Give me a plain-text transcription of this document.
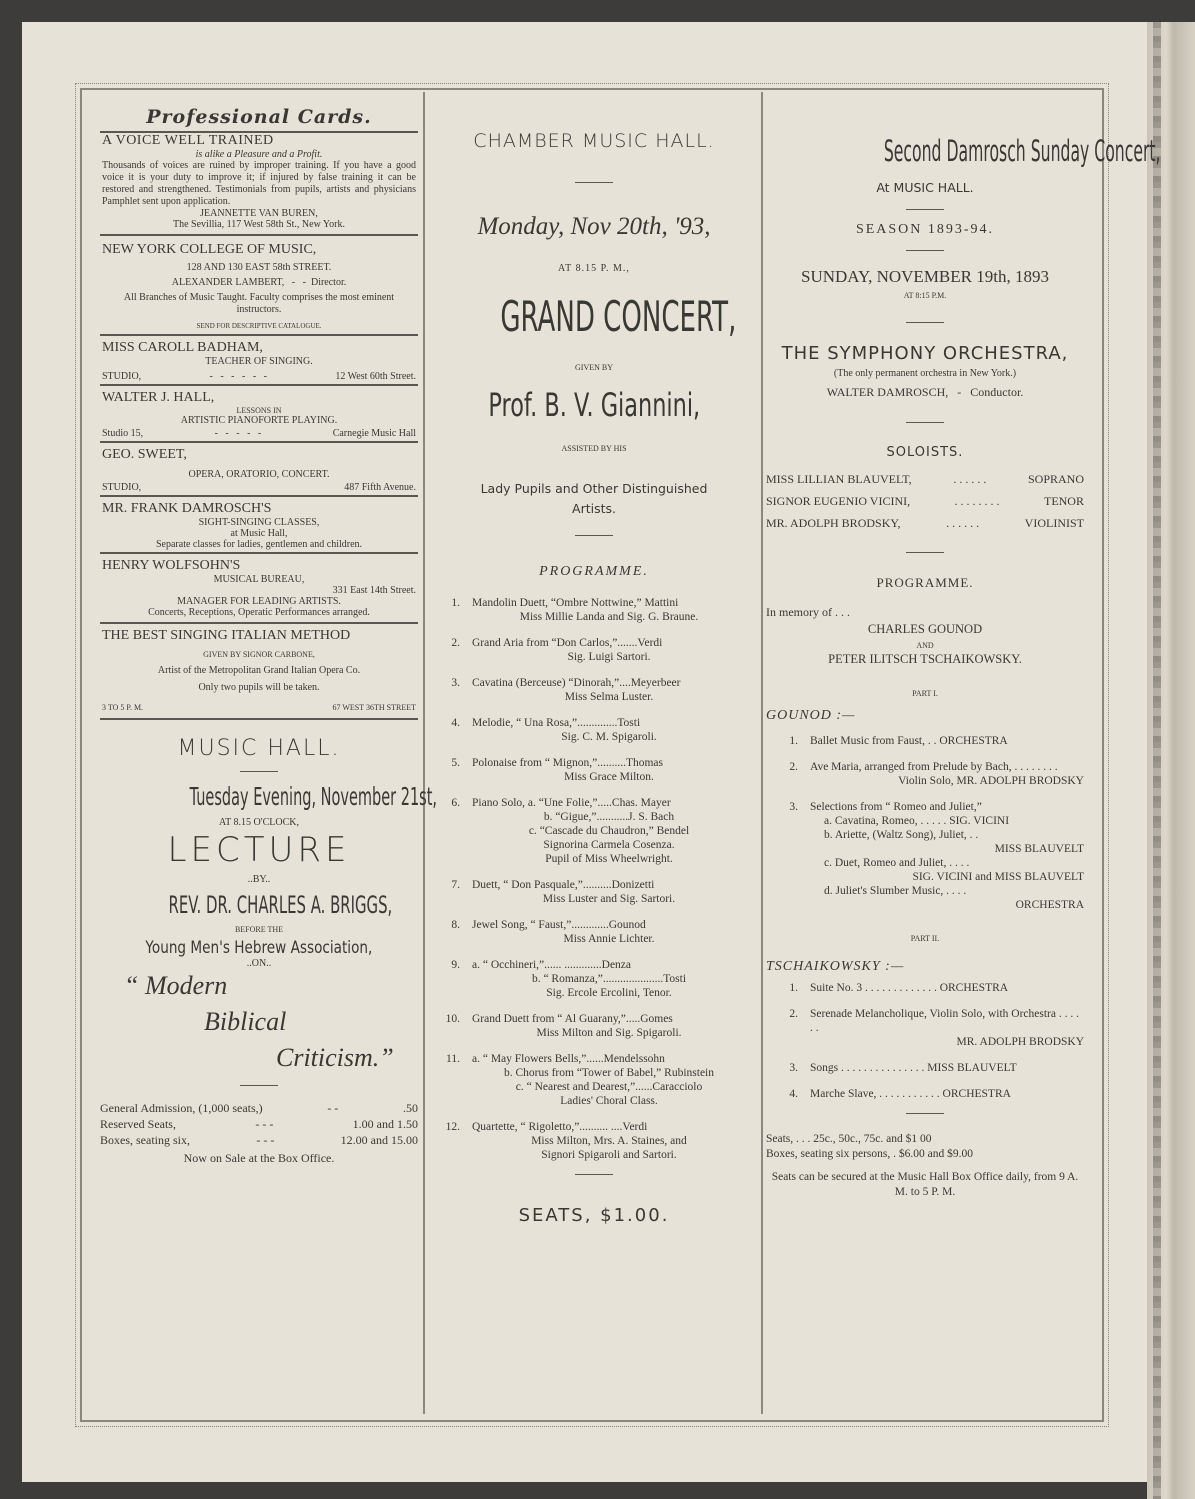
Professional Cards.
A VOICE WELL TRAINED
is alike a Pleasure and a Profit.
Thousands of voices are ruined by improper training. If you have a good voice it is your duty to improve it; if injured by false training it can be restored and strengthened. Testimonials from pupils, artists and physicians Pamphlet sent upon application.
JEANNETTE VAN BUREN,
The Sevillia, 117 West 58th St., New York.
NEW YORK COLLEGE OF MUSIC,
128 AND 130 EAST 58th STREET.
ALEXANDER LAMBERT,   -   -  Director.
All Branches of Music Taught. Faculty comprises the most eminent instructors.
SEND FOR DESCRIPTIVE CATALOGUE.
MISS CAROLL BADHAM,
TEACHER OF SINGING.
STUDIO,	-   -   -   -   -   -	12 West 60th Street.
WALTER J. HALL,
LESSONS IN
ARTISTIC PIANOFORTE PLAYING.
Studio 15,	-   -   -   -   -	Carnegie Music Hall
GEO. SWEET,
OPERA, ORATORIO, CONCERT.
STUDIO,	487 Fifth Avenue.
MR. FRANK DAMROSCH'S
SIGHT-SINGING CLASSES,
at Music Hall,
Separate classes for ladies, gentlemen and children.
HENRY WOLFSOHN'S
MUSICAL BUREAU,
331 East 14th Street.
MANAGER FOR LEADING ARTISTS.
Concerts, Receptions, Operatic Performances arranged.
THE BEST SINGING ITALIAN METHOD
GIVEN BY SIGNOR CARBONE,
Artist of the Metropolitan Grand Italian Opera Co.
Only two pupils will be taken.
3 TO 5 P. M.	67 WEST 36TH STREET
MUSIC HALL.
Tuesday Evening, November 21st,
AT 8.15 O'CLOCK,
LECTURE
..BY..
REV. DR. CHARLES A. BRIGGS,
BEFORE THE
Young Men's Hebrew Association,
..ON..
“ Modern
Biblical
Criticism.”
General Admission, (1,000 seats,)	- -	.50
Reserved Seats,	- - -	1.00 and 1.50
Boxes, seating six,	- - -	12.00 and 15.00
Now on Sale at the Box Office.
CHAMBER MUSIC HALL.
Monday, Nov 20th, '93,
AT 8.15 P. M.,
GRAND CONCERT,
GIVEN BY
Prof. B. V. Giannini,
ASSISTED BY HIS
Lady Pupils and Other Distinguished Artists.
PROGRAMME.
1.	Mandolin Duett, “Ombre Nottwine,” Mattini
Miss Millie Landa and Sig. G. Braune.
2.	Grand Aria from “Don Carlos,”.......Verdi
Sig. Luigi Sartori.
3.	Cavatina (Berceuse) “Dinorah,”....Meyerbeer
Miss Selma Luster.
4.	Melodie, “ Una Rosa,”..............Tosti
Sig. C. M. Spigaroli.
5.	Polonaise from “ Mignon,”..........Thomas
Miss Grace Milton.
6.	Piano Solo, a. “Une Folie,”.....Chas. Mayer
b. “Gigue,”...........J. S. Bach
c. “Cascade du Chaudron,” Bendel
Signorina Carmela Cosenza.
Pupil of Miss Wheelwright.
7.	Duett, “ Don Pasquale,”..........Donizetti
Miss Luster and Sig. Sartori.
8.	Jewel Song, “ Faust,”.............Gounod
Miss Annie Lichter.
9.	a. “ Occhineri,”...... .............Denza
b. “ Romanza,”.....................Tosti
Sig. Ercole Ercolini, Tenor.
10.	Grand Duett from “ Al Guarany,”.....Gomes
Miss Milton and Sig. Spigaroli.
11.	a. “ May Flowers Bells,”......Mendelssohn
b. Chorus from “Tower of Babel,” Rubinstein
c. “ Nearest and Dearest,”......Caracciolo
Ladies' Choral Class.
12.	Quartette, “ Rigoletto,”.......... ....Verdi
Miss Milton, Mrs. A. Staines, and
Signori Spigaroli and Sartori.
SEATS, $1.00.
Second Damrosch Sunday Concert,
At MUSIC HALL.
SEASON 1893-94.
SUNDAY, NOVEMBER 19th, 1893
AT 8:15 P.M.
THE SYMPHONY ORCHESTRA,
(The only permanent orchestra in New York.)
WALTER DAMROSCH,   -   Conductor.
SOLOISTS.
MISS LILLIAN BLAUVELT,	. . . . . .	SOPRANO
SIGNOR EUGENIO VICINI,	. . . . . . . .	TENOR
MR. ADOLPH BRODSKY,	. . . . . .	VIOLINIST
PROGRAMME.
In memory of . . .
CHARLES GOUNOD
AND
PETER ILITSCH TSCHAIKOWSKY.
PART I.
GOUNOD :—
1.	Ballet Music from Faust, . . ORCHESTRA
2.	Ave Maria, arranged from Prelude by Bach, . . . . . . . .
Violin Solo, MR. ADOLPH BRODSKY
3.	Selections from “ Romeo and Juliet,”
a. Cavatina, Romeo, . . . . . SIG. VICINI
b. Ariette, (Waltz Song), Juliet, . .
MISS BLAUVELT
c. Duet, Romeo and Juliet, . . . .
SIG. VICINI and MISS BLAUVELT
d. Juliet's Slumber Music, . . . .
ORCHESTRA
PART II.
TSCHAIKOWSKY :—
1.	Suite No. 3 . . . . . . . . . . . . . ORCHESTRA
2.	Serenade Melancholique, Violin Solo, with Orchestra . . . . . .
MR. ADOLPH BRODSKY
3.	Songs . . . . . . . . . . . . . . . MISS BLAUVELT
4.	Marche Slave, . . . . . . . . . . . ORCHESTRA
Seats, . . . 25c., 50c., 75c. and $1 00
Boxes, seating six persons, . $6.00 and $9.00
Seats can be secured at the Music Hall Box Office daily, from 9 A. M. to 5 P. M.
